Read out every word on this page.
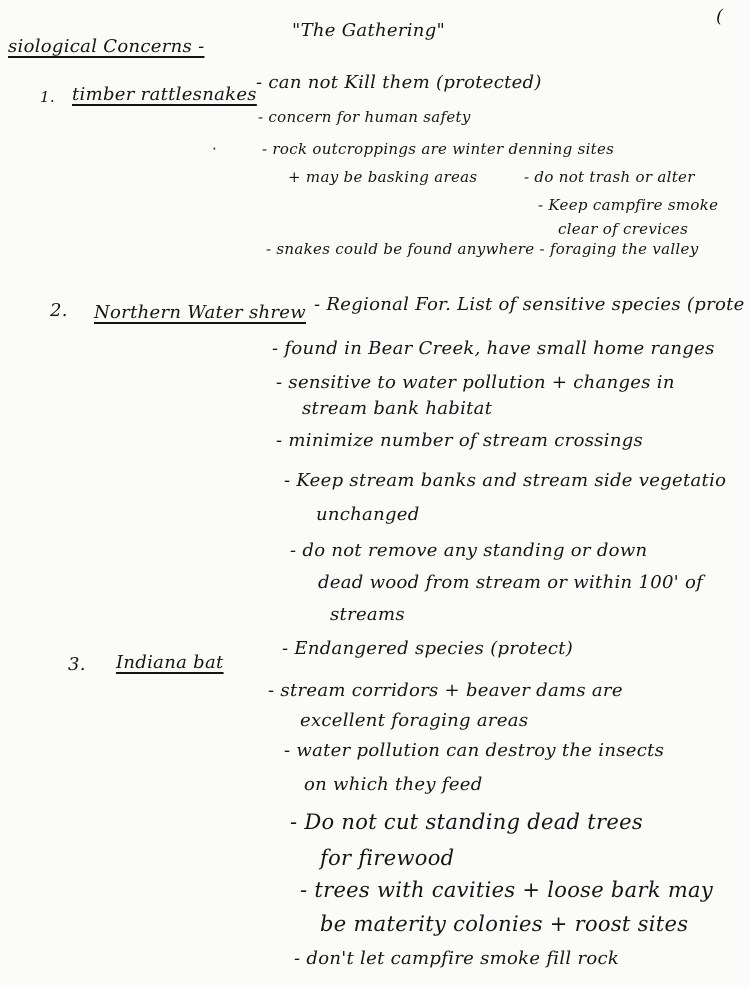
siological Concerns -
"The Gathering"
(
1. timber rattlesnakes
- can not Kill them (protected)
- concern for human safety
·	- rock outcroppings are winter denning sites
+ may be basking areas	- do not trash or alter
- Keep campfire smoke
clear of crevices
- snakes could be found anywhere - foraging the valley
2. Northern Water shrew - Regional For. List of sensitive species (prote
- found in Bear Creek, have small home ranges
- sensitive to water pollution + changes in
stream bank habitat
- minimize number of stream crossings
- Keep stream banks and stream side vegetatio
unchanged
- do not remove any standing or down
dead wood from stream or within 100' of
streams
3. Indiana bat
- Endangered species (protect)
- stream corridors + beaver dams are
excellent foraging areas
- water pollution can destroy the insects
on which they feed
- Do not cut standing dead trees
for firewood
- trees with cavities + loose bark may
be materity colonies + roost sites
- don't let campfire smoke fill rock
